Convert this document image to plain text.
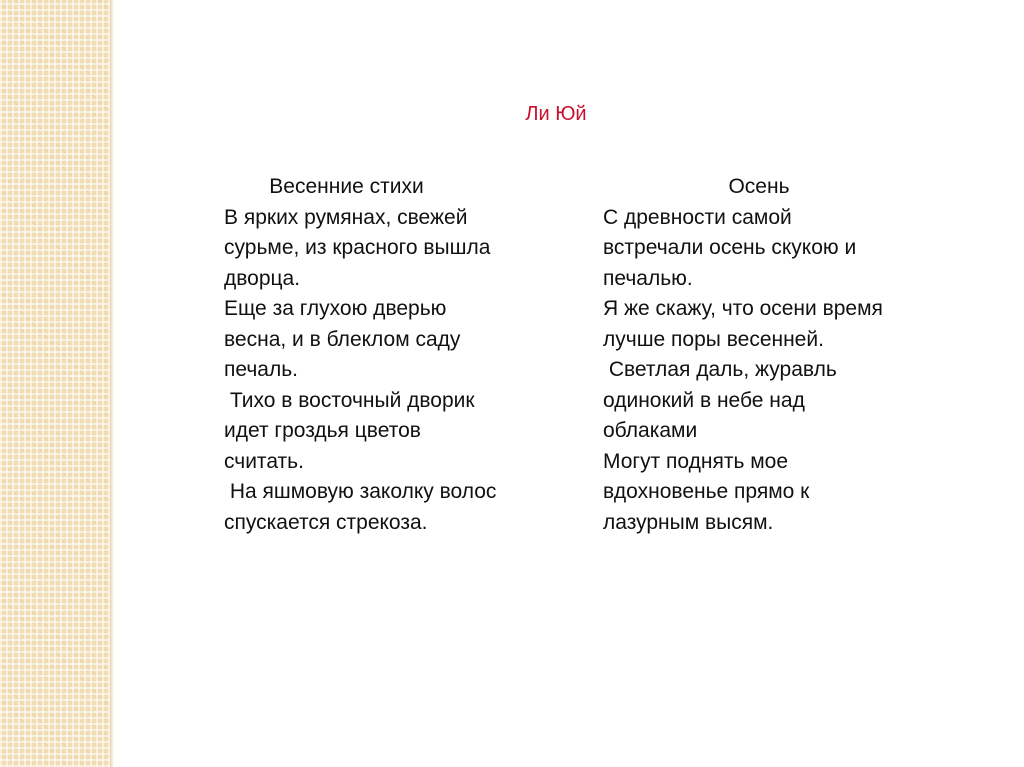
Ли Юй
Весенние стихи
В ярких румянах, свежей
сурьме, из красного вышла
дворца.
Еще за глухою дверью
весна, и в блеклом саду
печаль.
Тихо в восточный дворик
идет гроздья цветов
считать.
На яшмовую заколку волос
спускается стрекоза.
Осень
С древности самой
встречали осень скукою и
печалью.
Я же скажу, что осени время
лучше поры весенней.
Светлая даль, журавль
одинокий в небе над
облаками
Могут поднять мое
вдохновенье прямо к
лазурным высям.
